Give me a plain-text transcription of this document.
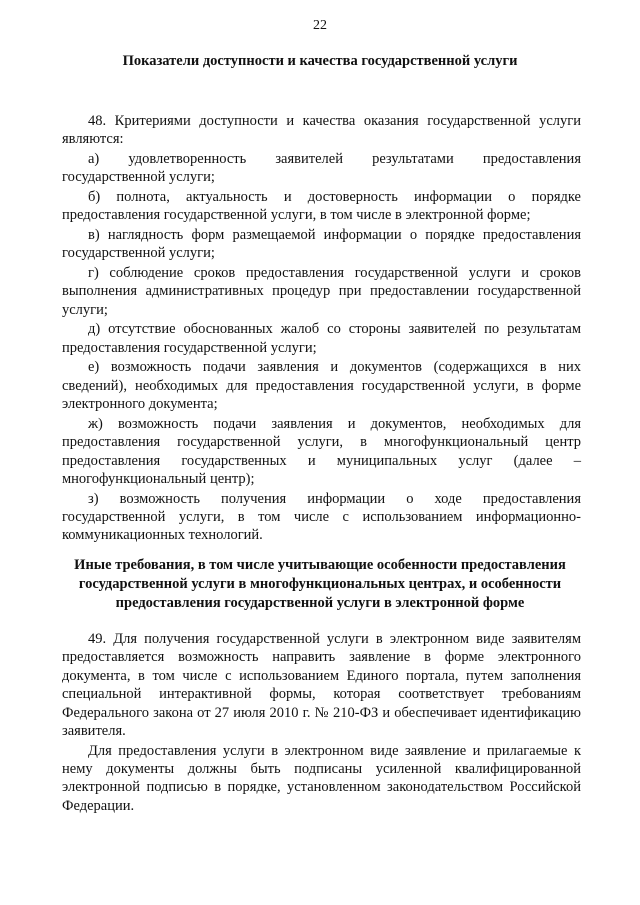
22
Показатели доступности и качества государственной услуги

48. Критериями доступности и качества оказания государственной услуги являются:

а) удовлетворенность заявителей результатами предоставления государственной услуги;

б) полнота, актуальность и достоверность информации о порядке предоставления государственной услуги, в том числе в электронной форме;

в) наглядность форм размещаемой информации о порядке предоставления государственной услуги;

г) соблюдение сроков предоставления государственной услуги и сроков выполнения административных процедур при предоставлении государственной услуги;

д) отсутствие обоснованных жалоб со стороны заявителей по результатам предоставления государственной услуги;

е) возможность подачи заявления и документов (содержащихся в них сведений), необходимых для предоставления государственной услуги, в форме электронного документа;

ж) возможность подачи заявления и документов, необходимых для предоставления государственной услуги, в многофункциональный центр предоставления государственных и муниципальных услуг (далее – многофункциональный центр);

з) возможность получения информации о ходе предоставления государственной услуги, в том числе с использованием информационно-коммуникационных технологий.

Иные требования, в том числе учитывающие особенности предоставления государственной услуги в многофункциональных центрах, и особенности предоставления государственной услуги в электронной форме

49. Для получения государственной услуги в электронном виде заявителям предоставляется возможность направить заявление в форме электронного документа, в том числе с использованием Единого портала, путем заполнения специальной интерактивной формы, которая соответствует требованиям Федерального закона от 27 июля 2010 г. № 210-ФЗ и обеспечивает идентификацию заявителя.

Для предоставления услуги в электронном виде заявление и прилагаемые к нему документы должны быть подписаны усиленной квалифицированной электронной подписью в порядке, установленном законодательством Российской Федерации.
